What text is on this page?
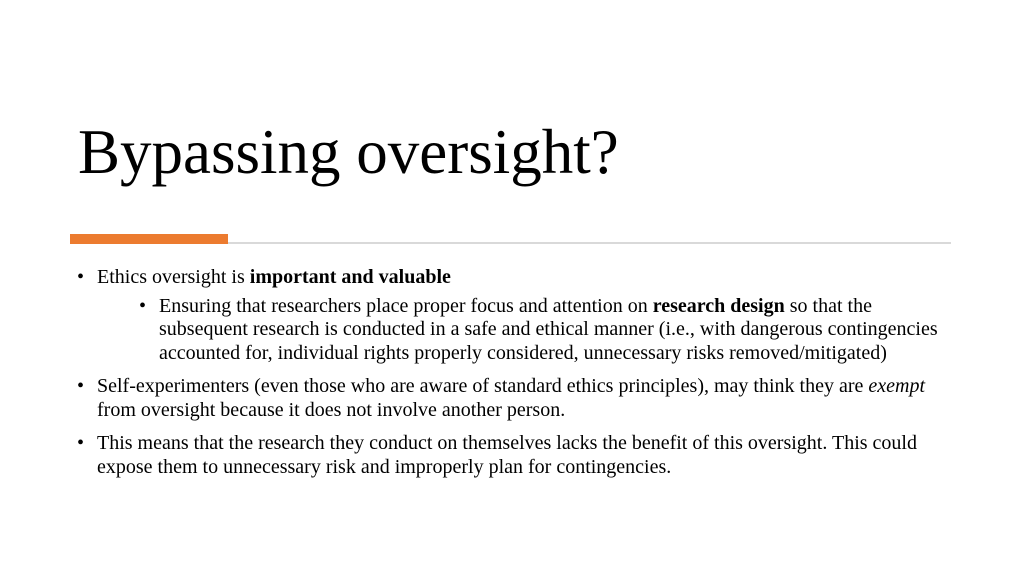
Bypassing oversight?
• Ethics oversight is important and valuable
• Ensuring that researchers place proper focus and attention on research design so that the subsequent research is conducted in a safe and ethical manner (i.e., with dangerous contingencies accounted for, individual rights properly considered, unnecessary risks removed/mitigated)
• Self-experimenters (even those who are aware of standard ethics principles), may think they are exempt from oversight because it does not involve another person.
• This means that the research they conduct on themselves lacks the benefit of this oversight. This could expose them to unnecessary risk and improperly plan for contingencies.
